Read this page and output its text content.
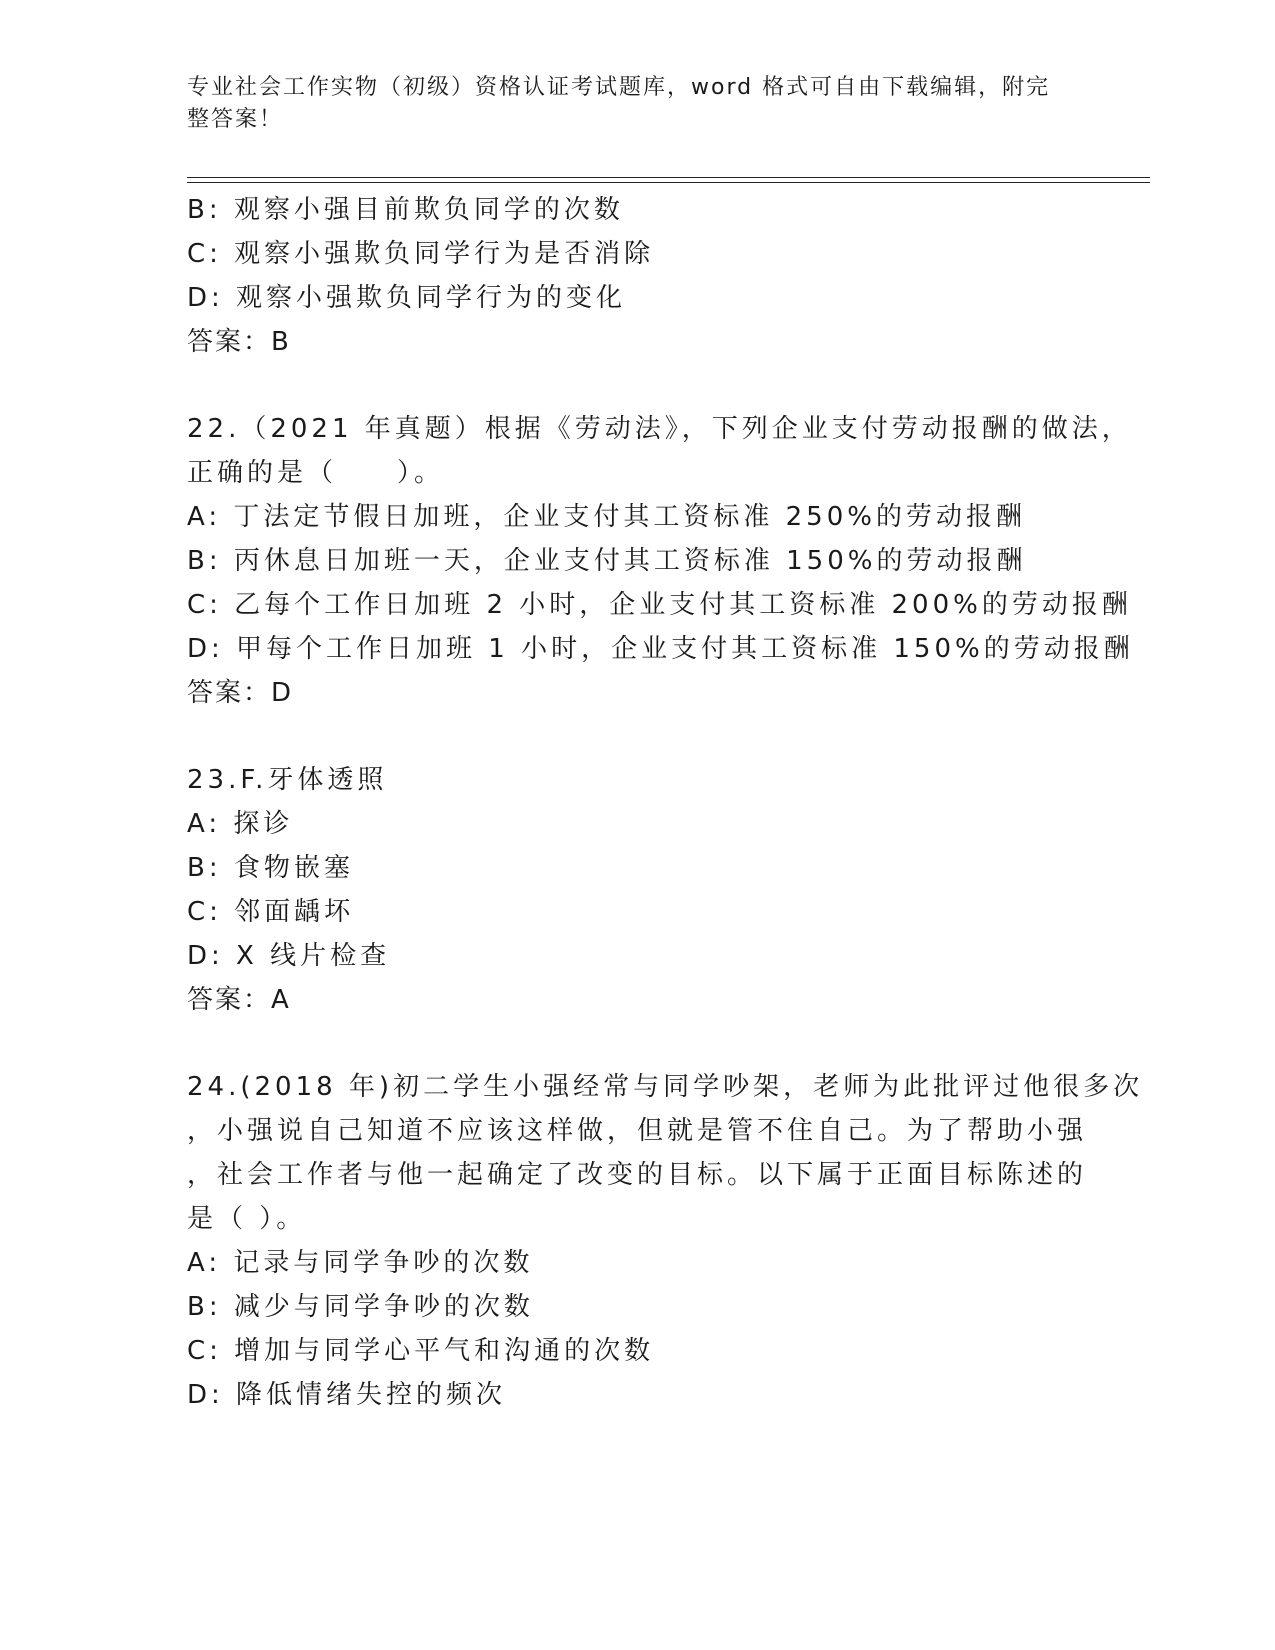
专业社会工作实物（初级）资格认证考试题库，word 格式可自由下载编辑，附完
整答案！
B: 观察小强目前欺负同学的次数
C: 观察小强欺负同学行为是否消除
D: 观察小强欺负同学行为的变化
答案：B
22.（2021 年真题）根据《劳动法》，下列企业支付劳动报酬的做法，
正确的是（　　）。
A: 丁法定节假日加班，企业支付其工资标准 250%的劳动报酬
B: 丙休息日加班一天，企业支付其工资标准 150%的劳动报酬
C: 乙每个工作日加班 2 小时，企业支付其工资标准 200%的劳动报酬
D: 甲每个工作日加班 1 小时，企业支付其工资标准 150%的劳动报酬
答案：D
23.F.牙体透照
A: 探诊
B: 食物嵌塞
C: 邻面龋坏
D: X 线片检查
答案：A
24.(2018 年)初二学生小强经常与同学吵架，老师为此批评过他很多次
，小强说自己知道不应该这样做，但就是管不住自己。为了帮助小强
，社会工作者与他一起确定了改变的目标。以下属于正面目标陈述的
是（ ）。
A: 记录与同学争吵的次数
B: 减少与同学争吵的次数
C: 增加与同学心平气和沟通的次数
D: 降低情绪失控的频次
